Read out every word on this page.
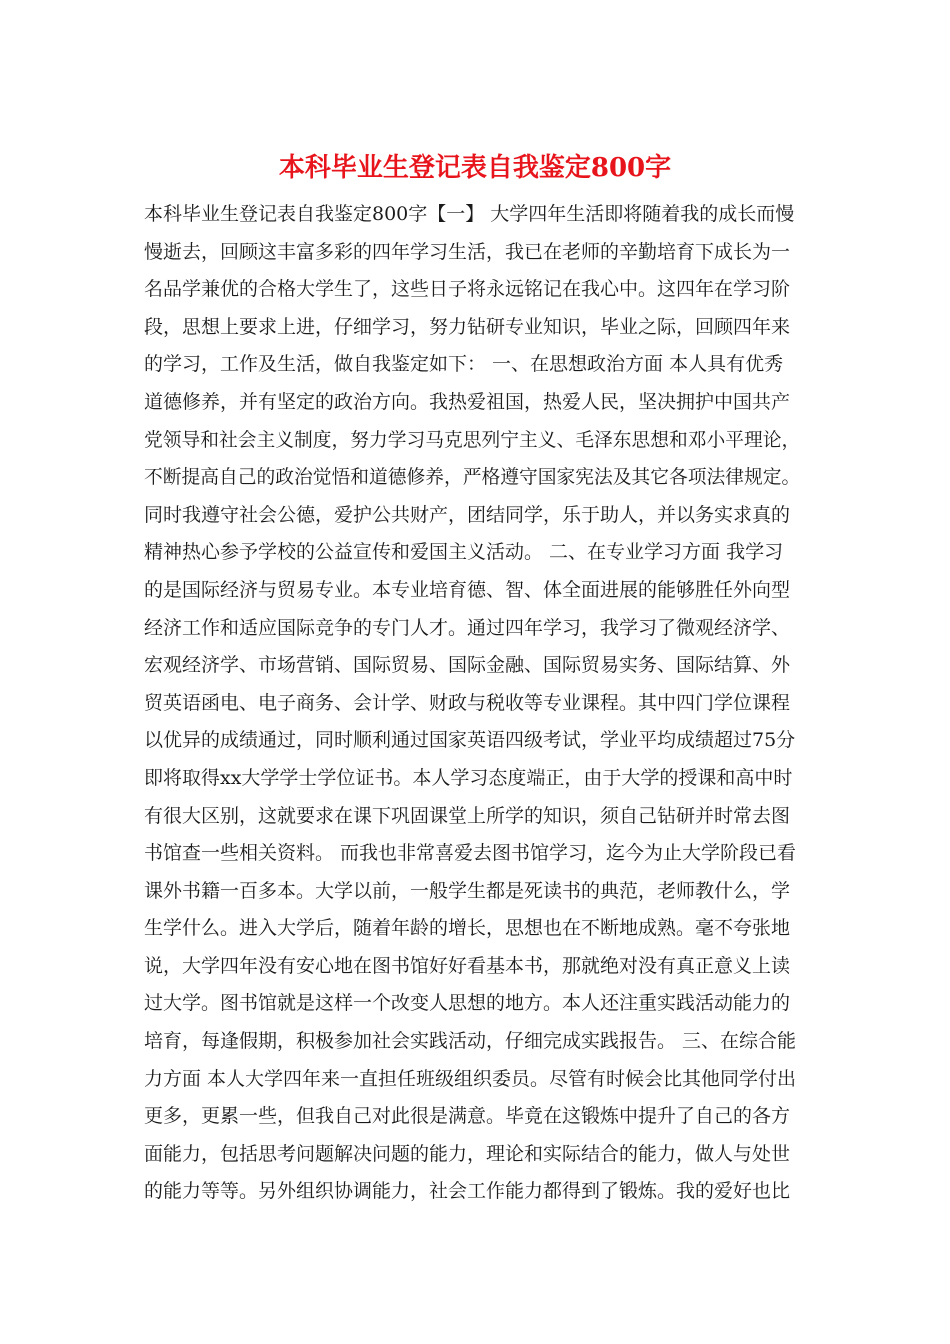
本科毕业生登记表自我鉴定800字
本科毕业生登记表自我鉴定800字【一】 大学四年生活即将随着我的成长而慢
慢逝去，回顾这丰富多彩的四年学习生活，我已在老师的辛勤培育下成长为一
名品学兼优的合格大学生了，这些日子将永远铭记在我心中。这四年在学习阶
段，思想上要求上进，仔细学习，努力钻研专业知识，毕业之际，回顾四年来
的学习，工作及生活，做自我鉴定如下： 一、在思想政治方面 本人具有优秀
道德修养，并有坚定的政治方向。我热爱祖国，热爱人民，坚决拥护中国共产
党领导和社会主义制度，努力学习马克思列宁主义、毛泽东思想和邓小平理论，
不断提高自己的政治觉悟和道德修养，严格遵守国家宪法及其它各项法律规定。
同时我遵守社会公德，爱护公共财产，团结同学，乐于助人，并以务实求真的
精神热心参予学校的公益宣传和爱国主义活动。 二、在专业学习方面 我学习
的是国际经济与贸易专业。本专业培育德、智、体全面进展的能够胜任外向型
经济工作和适应国际竞争的专门人才。通过四年学习，我学习了微观经济学、
宏观经济学、市场营销、国际贸易、国际金融、国际贸易实务、国际结算、外
贸英语函电、电子商务、会计学、财政与税收等专业课程。其中四门学位课程
以优异的成绩通过，同时顺利通过国家英语四级考试，学业平均成绩超过75分
即将取得xx大学学士学位证书。本人学习态度端正，由于大学的授课和高中时
有很大区别，这就要求在课下巩固课堂上所学的知识，须自己钻研并时常去图
书馆查一些相关资料。 而我也非常喜爱去图书馆学习，迄今为止大学阶段已看
课外书籍一百多本。大学以前，一般学生都是死读书的典范，老师教什么，学
生学什么。进入大学后，随着年龄的增长，思想也在不断地成熟。毫不夸张地
说，大学四年没有安心地在图书馆好好看基本书，那就绝对没有真正意义上读
过大学。图书馆就是这样一个改变人思想的地方。本人还注重实践活动能力的
培育，每逢假期，积极参加社会实践活动，仔细完成实践报告。 三、在综合能
力方面 本人大学四年来一直担任班级组织委员。尽管有时候会比其他同学付出
更多，更累一些，但我自己对此很是满意。毕竟在这锻炼中提升了自己的各方
面能力，包括思考问题解决问题的能力，理论和实际结合的能力，做人与处世
的能力等等。另外组织协调能力，社会工作能力都得到了锻炼。我的爱好也比
